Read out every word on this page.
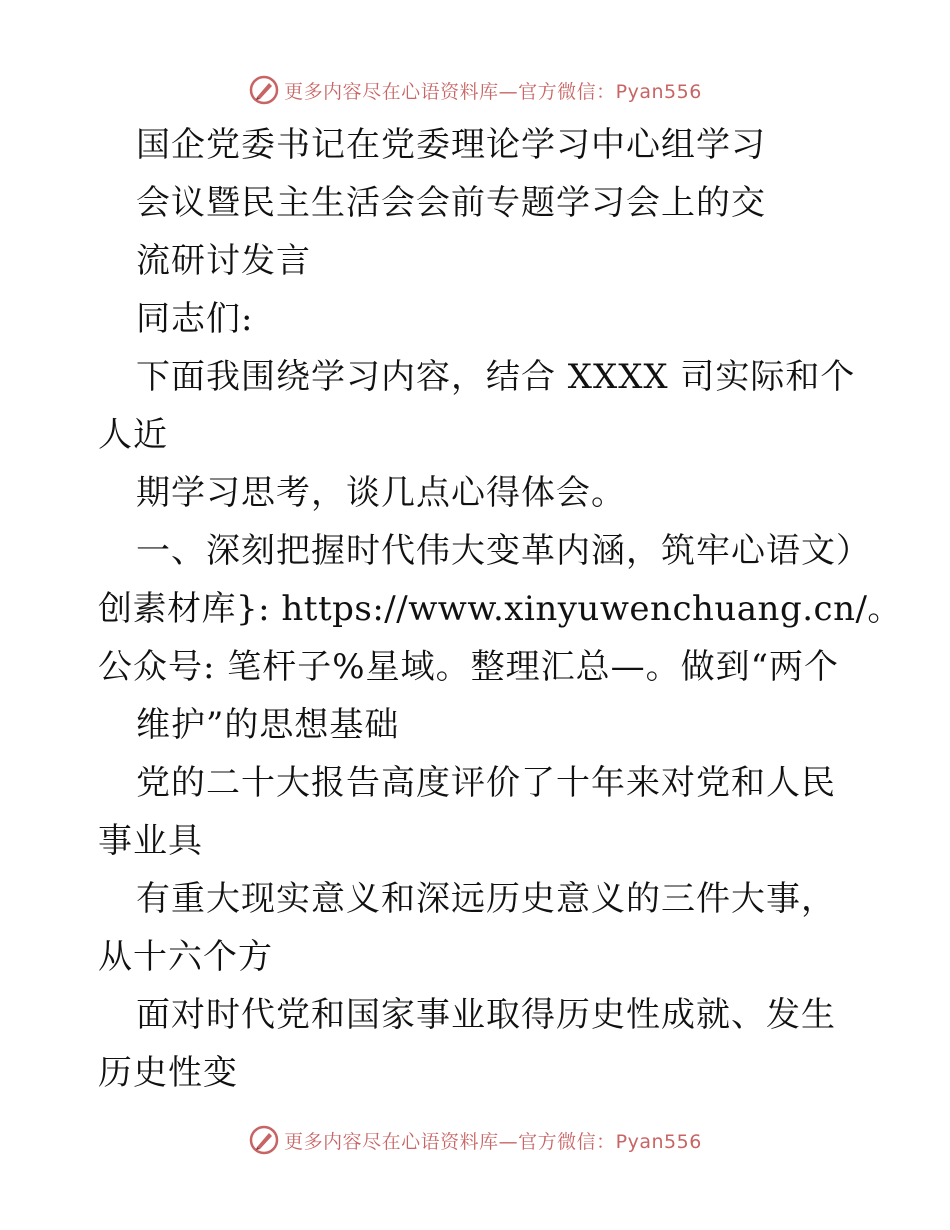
更多内容尽在心语资料库—官方微信：Pyan556
国企党委书记在党委理论学习中心组学习
会议暨民主生活会会前专题学习会上的交
流研讨发言
同志们:
下面我围绕学习内容，结合 XXXX 司实际和个人近
期学习思考，谈几点心得体会。
一、深刻把握时代伟大变革内涵，筑牢心语文）
创素材库}: https://www.xinyuwenchuang.cn/。
公众号: 笔杆子%星域。整理汇总—。做到“两个
维护”的思想基础
党的二十大报告高度评价了十年来对党和人民事业具
有重大现实意义和深远历史意义的三件大事，从十六个方
面对时代党和国家事业取得历史性成就、发生历史性变
更多内容尽在心语资料库—官方微信：Pyan556
